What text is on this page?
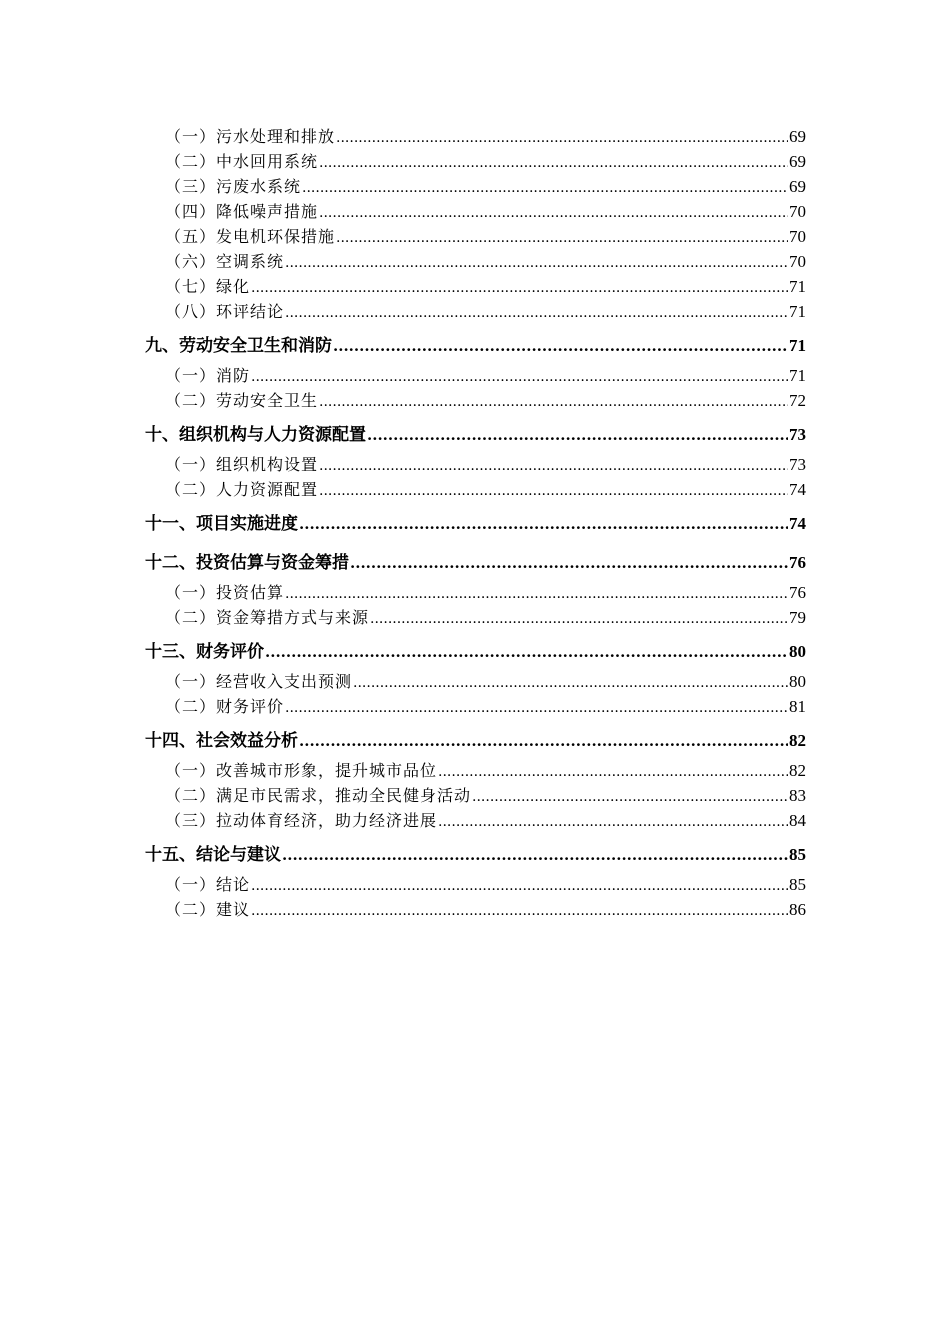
（一）污水处理和排放 .....	69
（二）中水回用系统 .....	69
（三）污废水系统 .....	69
（四）降低噪声措施 .....	70
（五）发电机环保措施 .....	70
（六）空调系统 .....	70
（七）绿化 .....	71
（八）环评结论 .....	71
九、劳动安全卫生和消防 .....	71
（一）消防 .....	71
（二）劳动安全卫生 .....	72
十、组织机构与人力资源配置 .....	73
（一）组织机构设置 .....	73
（二）人力资源配置 .....	74
十一、项目实施进度 .....	74
十二、投资估算与资金筹措 .....	76
（一）投资估算 .....	76
（二）资金筹措方式与来源 .....	79
十三、财务评价 .....	80
（一）经营收入支出预测 .....	80
（二）财务评价 .....	81
十四、社会效益分析 .....	82
（一）改善城市形象，提升城市品位 .....	82
（二）满足市民需求，推动全民健身活动 .....	83
（三）拉动体育经济，助力经济进展 .....	84
十五、结论与建议 .....	85
（一）结论 .....	85
（二）建议 .....	86
